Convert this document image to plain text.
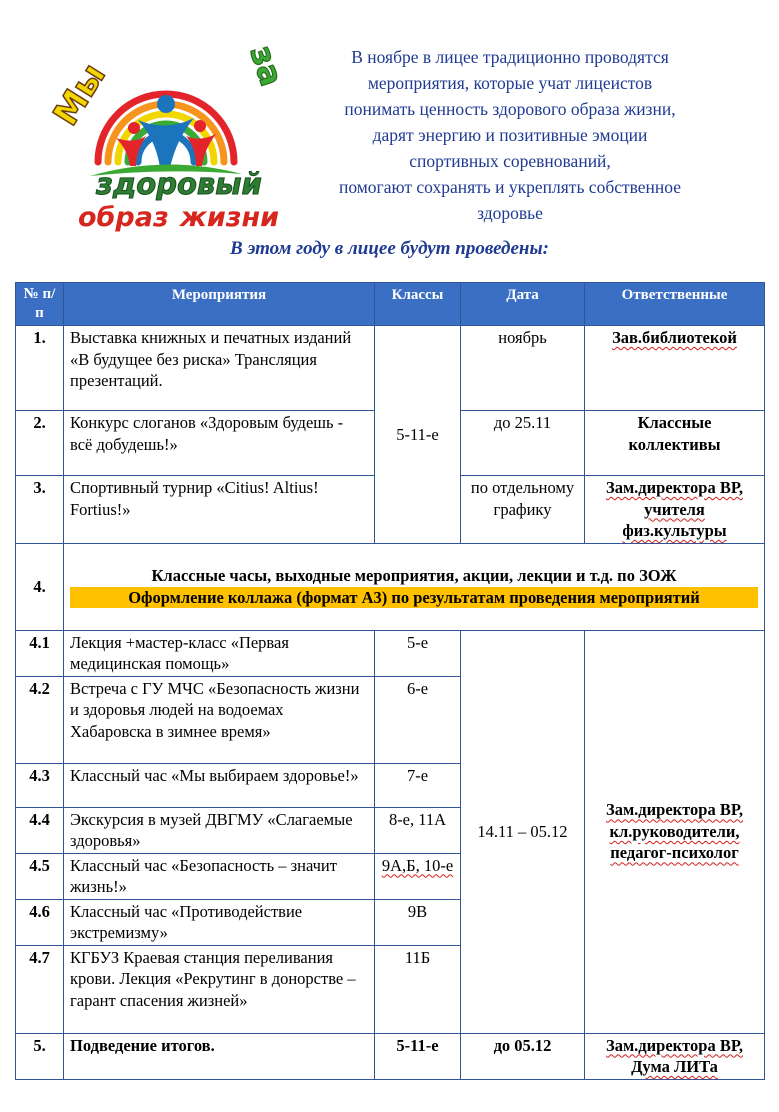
Мы	за
здоровый
образ жизни
В ноябре в лицее традиционно проводятся
мероприятия, которые учат лицеистов
понимать ценность здорового образа жизни,
дарят энергию и позитивные эмоции
спортивных соревнований,
помогают сохранять и укреплять собственное
здоровье
В этом году в лицее будут проведены:
№ п/п	Мероприятия	Классы	Дата	Ответственные
1.	Выставка книжных и печатных изданий «В будущее без риска» Трансляция презентаций.	5-11-е	ноябрь	Зав.библиотекой
2.	Конкурс слоганов «Здоровым будешь - всё добудешь!»		до 25.11	Классные коллективы
3.	Спортивный турнир «Citius! Altius! Fortius!»		по отдельному графику	Зам.директора ВР, учителя физ.культуры
4.	Классные часы, выходные мероприятия, акции, лекции и т.д. по ЗОЖ
Оформление коллажа (формат А3) по результатам проведения мероприятий			

4.1	Лекция +мастер-класс «Первая медицинская помощь»	5-е	14.11 – 05.12	Зам.директора ВР, кл.руководители, педагог-психолог
4.2	Встреча с ГУ МЧС «Безопасность жизни и здоровья людей на водоемах Хабаровска в зимнее время»	6-е		
4.3	Классный час «Мы выбираем здоровье!»	7-е		
4.4	Экскурсия в музей ДВГМУ «Слагаемые здоровья»	8-е, 11А		
4.5	Классный час «Безопасность – значит жизнь!»	9А,Б, 10-е		
4.6	Классный час «Противодействие экстремизму»	9В		
4.7	КГБУЗ Краевая станция переливания крови. Лекция «Рекрутинг в донорстве – гарант спасения жизней»	11Б		
5.	Подведение итогов.	5-11-е	до 05.12	Зам.директора ВР, Дума ЛИТа
